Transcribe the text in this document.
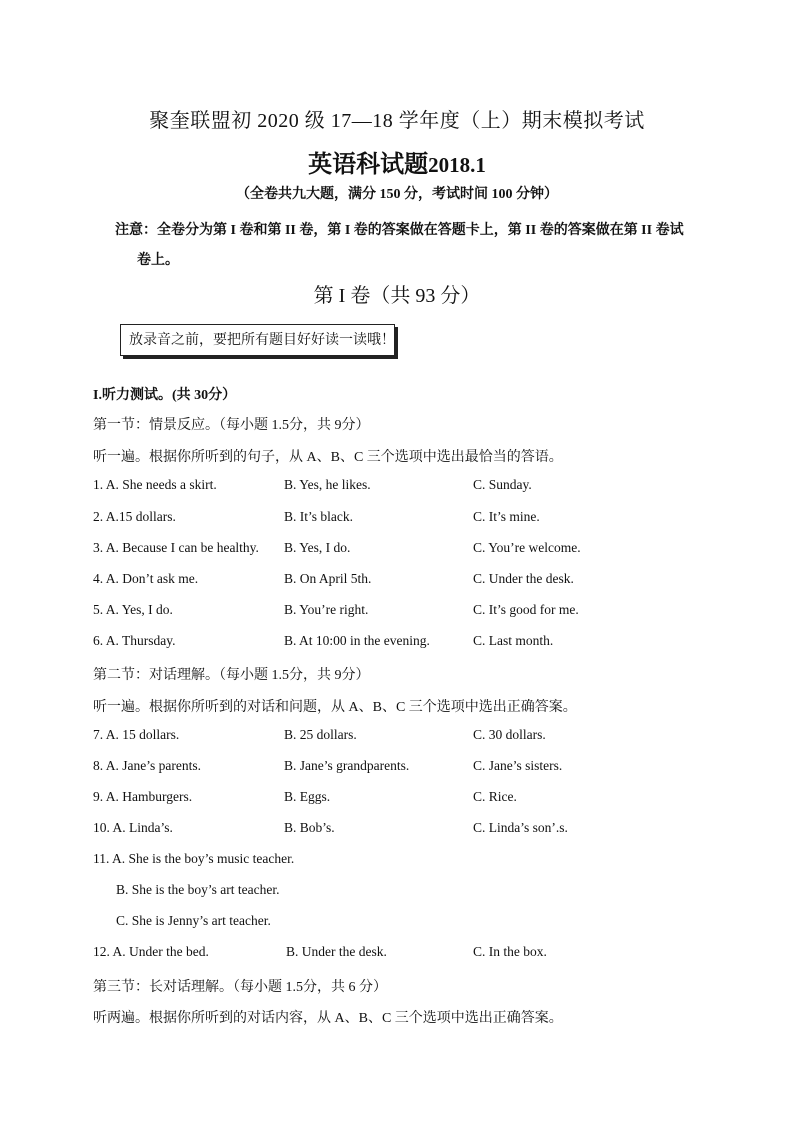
聚奎联盟初 2020 级 17—18 学年度（上）期末模拟考试
英语科试题2018.1
（全卷共九大题，满分 150 分，考试时间 100 分钟）
注意：全卷分为第 I 卷和第 II 卷，第 I 卷的答案做在答题卡上，第 II 卷的答案做在第 II 卷试
卷上。
第 I 卷（共 93 分）
放录音之前，要把所有题目好好读一读哦！
I.听力测试。(共 30分）
第一节：情景反应。（每小题 1.5分，共 9分）
听一遍。根据你所听到的句子，从 A、B、C 三个选项中选出最恰当的答语。
1. A. She needs a skirt.	B. Yes, he likes.	C. Sunday.
2. A.15 dollars.	B. It’s black.	C. It’s mine.
3. A. Because I can be healthy. B. Yes, I do.	C. You’re welcome.
4. A. Don’t ask me.	B. On April 5th.	C. Under the desk.
5. A. Yes, I do.	B. You’re right.	C. It’s good for me.
6. A. Thursday.	B. At 10:00 in the evening.	C. Last month.
第二节：对话理解。（每小题 1.5分，共 9分）
听一遍。根据你所听到的对话和问题，从 A、B、C 三个选项中选出正确答案。
7. A. 15 dollars.	B. 25 dollars.	C. 30 dollars.
8. A. Jane’s parents.	B. Jane’s grandparents.	C. Jane’s sisters.
9. A. Hamburgers.	B. Eggs.	C. Rice.
10. A. Linda’s.	B. Bob’s.	C. Linda’s son’.s.
11. A. She is the boy’s music teacher.
B. She is the boy’s art teacher.
C. She is Jenny’s art teacher.
12. A. Under the bed.	B. Under the desk.	C. In the box.
第三节：长对话理解。（每小题 1.5分，共 6 分）
听两遍。根据你所听到的对话内容，从 A、B、C 三个选项中选出正确答案。
